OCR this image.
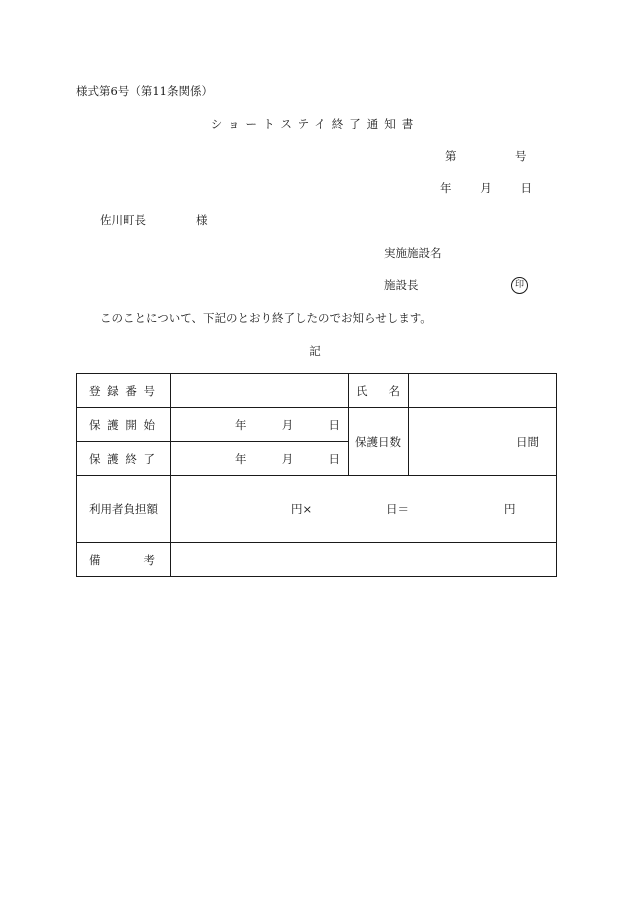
様式第6号（第11条関係）
ショートステイ終了通知書
第	号
年	月	日
佐川町長	様
実施施設名
施設長	印
このことについて、下記のとおり終了したのでお知らせします。
記
登録番号		氏名	
保護開始	年 月 日	保護日数	日間
保護終了	年 月 日		

利用者負担額	円× 日＝ 円		

備考			
